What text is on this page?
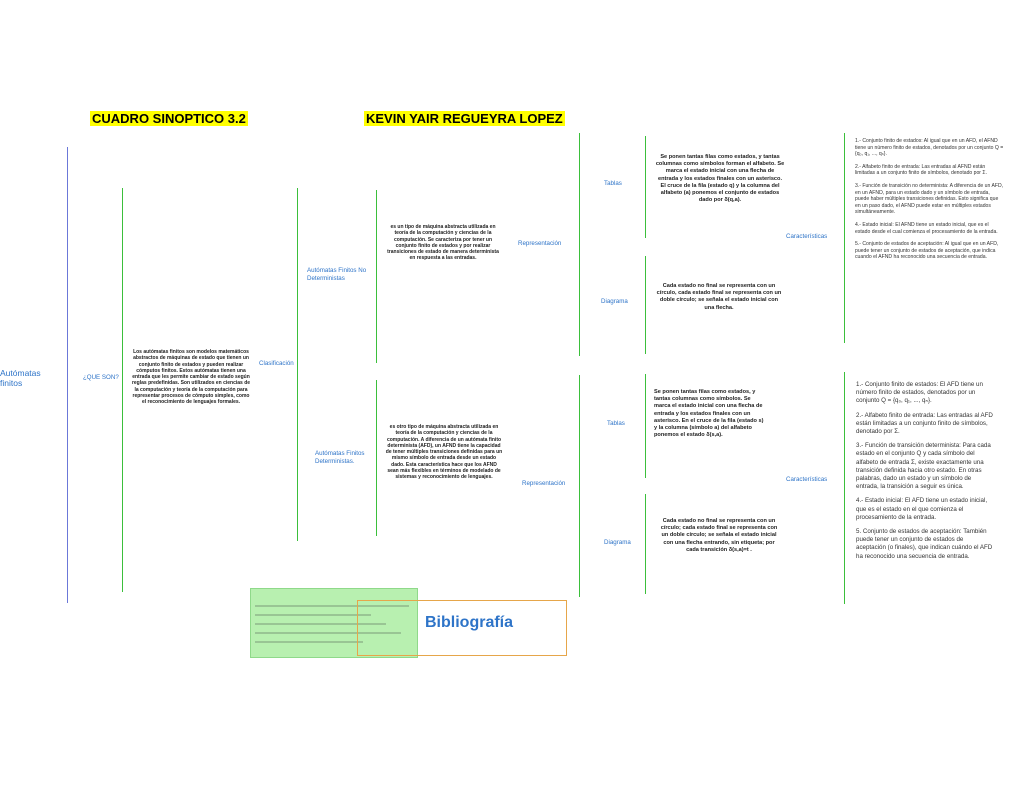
CUADRO SINOPTICO 3.2	KEVIN YAIR REGUEYRA LOPEZ
Autómatas finitos
¿QUE SON?
Los autómatas finitos son modelos matemáticos abstractos de máquinas de estado que tienen un conjunto finito de estados y pueden realizar cómputos finitos. Estos autómatas tienen una entrada que les permite cambiar de estado según reglas predefinidas. Son utilizados en ciencias de la computación y teoría de la computación para representar procesos de cómputo simples, como el reconocimiento de lenguajes formales.
Clasificación
Autómatas Finitos No Deterministas
es un tipo de máquina abstracta utilizada en teoría de la computación y ciencias de la computación. Se caracteriza por tener un conjunto finito de estados y por realizar transiciones de estado de manera determinista en respuesta a las entradas.
Representación
Tablas
Se ponen tantas filas como estados, y tantas columnas como símbolos forman el alfabeto. Se marca el estado inicial con una flecha de entrada y los estados finales con un asterisco. El cruce de la fila (estado q) y la columna del alfabeto (a) ponemos el conjunto de estados dado por δ(q,a).
Diagrama
Cada estado no final se representa con un círculo, cada estado final se representa con un doble círculo; se señala el estado inicial con una flecha.
Características

1.- Conjunto finito de estados: Al igual que en un AFD, el AFND tiene un número finito de estados, denotados por un conjunto Q = {q₀, q₁, ..., qₙ}.

2.- Alfabeto finito de entrada: Las entradas al AFND están limitadas a un conjunto finito de símbolos, denotado por Σ.

3.- Función de transición no determinista: A diferencia de un AFD, en un AFND, para un estado dado y un símbolo de entrada, puede haber múltiples transiciones definidas. Esto significa que en un paso dado, el AFND puede estar en múltiples estados simultáneamente.

4.- Estado inicial: El AFND tiene un estado inicial, que es el estado desde el cual comienza el procesamiento de la entrada.

5.- Conjunto de estados de aceptación: Al igual que en un AFD, puede tener un conjunto de estados de aceptación, que indica cuando el AFND ha reconocido una secuencia de entrada.

Autómatas Finitos Deterministas.
es otro tipo de máquina abstracta utilizada en teoría de la computación y ciencias de la computación. A diferencia de un autómata finito determinista (AFD), un AFND tiene la capacidad de tener múltiples transiciones definidas para un mismo símbolo de entrada desde un estado dado. Esta característica hace que los AFND sean más flexibles en términos de modelado de sistemas y reconocimiento de lenguajes.
Representación
Tablas
Se ponen tantas filas como estados, y tantas columnas como símbolos. Se marca el estado inicial con una flecha de entrada y los estados finales con un asterisco. En el cruce de la fila (estado s) y la columna (símbolo a) del alfabeto ponemos el estado δ(s,a).
Diagrama
Cada estado no final se representa con un círculo; cada estado final se representa con un doble círculo; se señala el estado inicial con una flecha entrando, sin etiqueta; por cada transición δ(s,a)=t .
Características

1.- Conjunto finito de estados: El AFD tiene un número finito de estados, denotados por un conjunto Q = {q₀, q₁, ..., qₙ}.

2.- Alfabeto finito de entrada: Las entradas al AFD están limitadas a un conjunto finito de símbolos, denotado por Σ.

3.- Función de transición determinista: Para cada estado en el conjunto Q y cada símbolo del alfabeto de entrada Σ, existe exactamente una transición definida hacia otro estado. En otras palabras, dado un estado y un símbolo de entrada, la transición a seguir es única.

4.- Estado inicial: El AFD tiene un estado inicial, que es el estado en el que comienza el procesamiento de la entrada.

5. Conjunto de estados de aceptación: También puede tener un conjunto de estados de aceptación (o finales), que indican cuándo el AFD ha reconocido una secuencia de entrada.

Bibliografía
